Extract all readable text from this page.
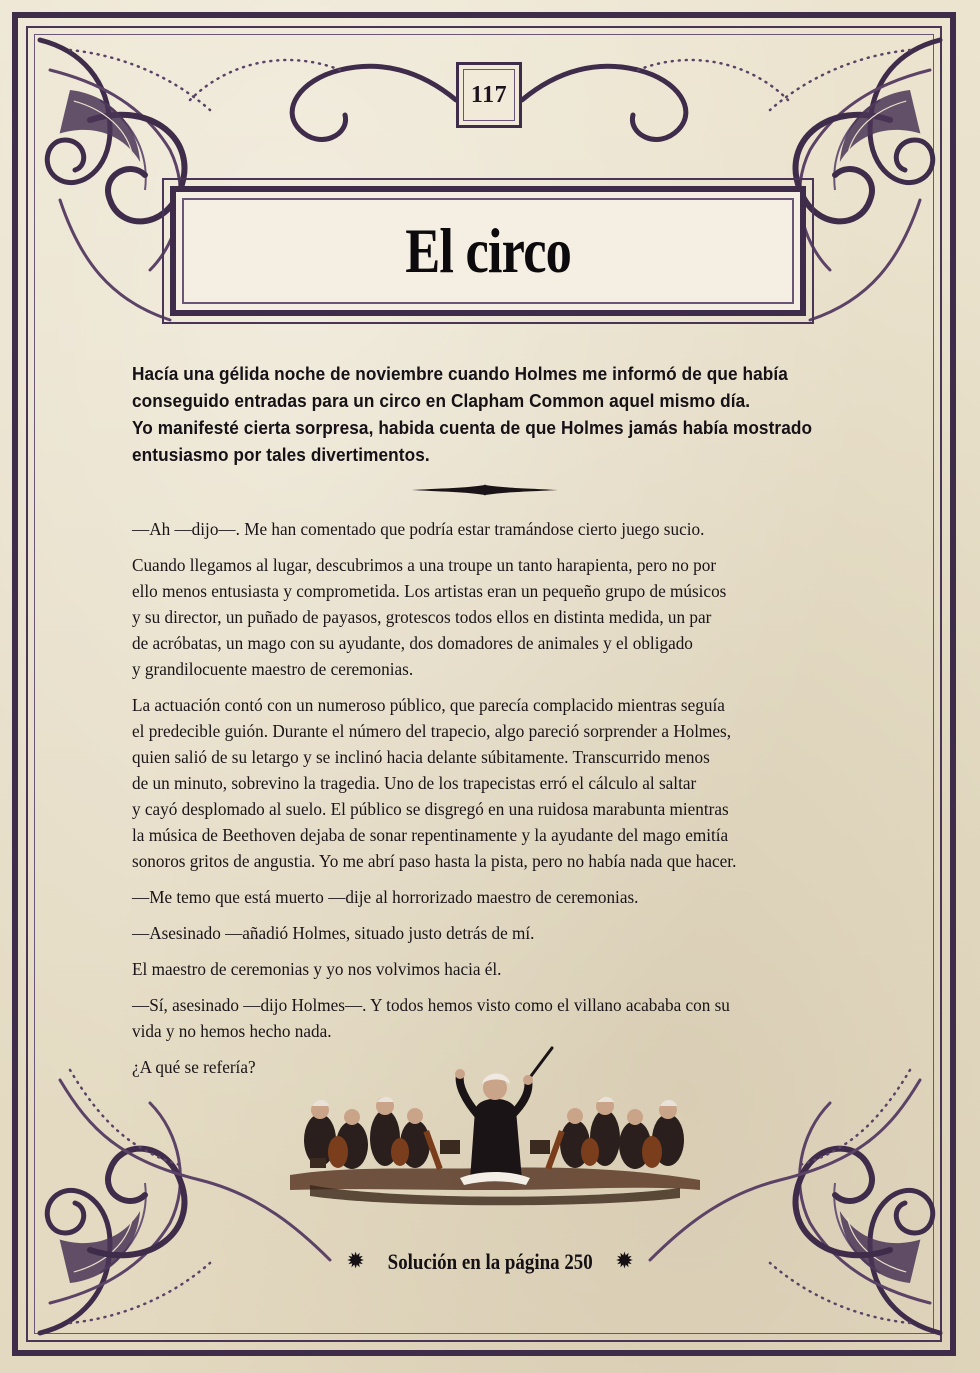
117
El circo

Hacía una gélida noche de noviembre cuando Holmes me informó de que había

conseguido entradas para un circo en Clapham Common aquel mismo día.

Yo manifesté cierta sorpresa, habida cuenta de que Holmes jamás había mostrado

entusiasmo por tales divertimentos.

—Ah —dijo—. Me han comentado que podría estar tramándose cierto juego sucio.
Cuando llegamos al lugar, descubrimos a una troupe un tanto harapienta, pero no por
ello menos entusiasta y comprometida. Los artistas eran un pequeño grupo de músicos
y su director, un puñado de payasos, grotescos todos ellos en distinta medida, un par
de acróbatas, un mago con su ayudante, dos domadores de animales y el obligado
y grandilocuente maestro de ceremonias.
La actuación contó con un numeroso público, que parecía complacido mientras seguía
el predecible guión. Durante el número del trapecio, algo pareció sorprender a Holmes,
quien salió de su letargo y se inclinó hacia delante súbitamente. Transcurrido menos
de un minuto, sobrevino la tragedia. Uno de los trapecistas erró el cálculo al saltar
y cayó desplomado al suelo. El público se disgregó en una ruidosa marabunta mientras
la música de Beethoven dejaba de sonar repentinamente y la ayudante del mago emitía
sonoros gritos de angustia. Yo me abrí paso hasta la pista, pero no había nada que hacer.
—Me temo que está muerto —dije al horrorizado maestro de ceremonias.
—Asesinado —añadió Holmes, situado justo detrás de mí.
El maestro de ceremonias y yo nos volvimos hacia él.
—Sí, asesinado —dijo Holmes—. Y todos hemos visto como el villano acababa con su
vida y no hemos hecho nada.
¿A qué se refería?
✹ Solución en la página 250 ✹
